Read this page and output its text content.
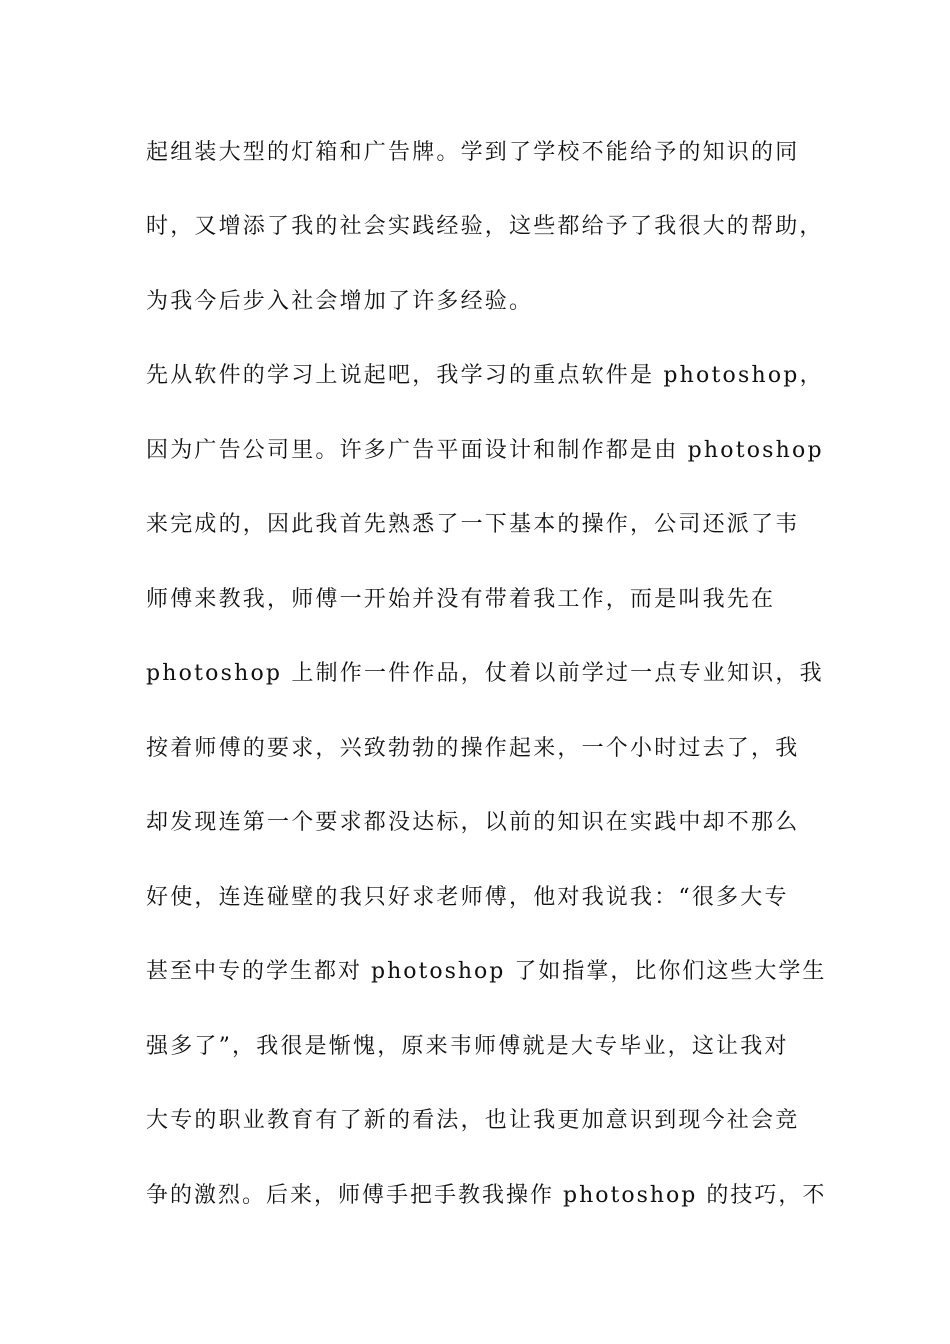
起组装大型的灯箱和广告牌。学到了学校不能给予的知识的同
时，又增添了我的社会实践经验，这些都给予了我很大的帮助，
为我今后步入社会增加了许多经验。
先从软件的学习上说起吧，我学习的重点软件是 photoshop，
因为广告公司里。许多广告平面设计和制作都是由 photoshop
来完成的，因此我首先熟悉了一下基本的操作，公司还派了韦
师傅来教我，师傅一开始并没有带着我工作，而是叫我先在
photoshop 上制作一件作品，仗着以前学过一点专业知识，我
按着师傅的要求，兴致勃勃的操作起来，一个小时过去了，我
却发现连第一个要求都没达标，以前的知识在实践中却不那么
好使，连连碰壁的我只好求老师傅，他对我说我：“很多大专
甚至中专的学生都对 photoshop 了如指掌，比你们这些大学生
强多了”，我很是惭愧，原来韦师傅就是大专毕业，这让我对
大专的职业教育有了新的看法，也让我更加意识到现今社会竞
争的激烈。后来，师傅手把手教我操作 photoshop 的技巧，不
